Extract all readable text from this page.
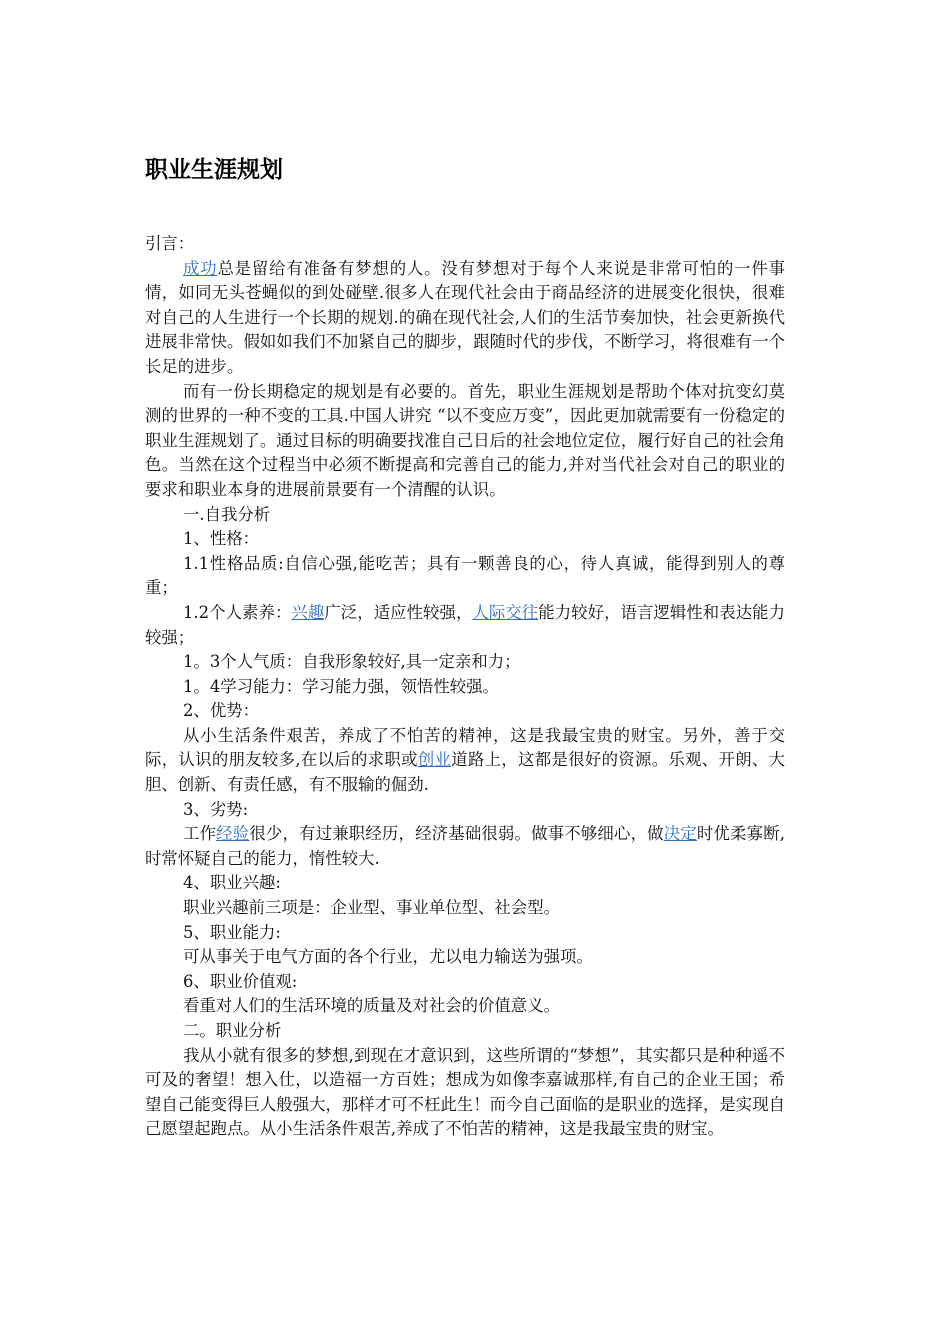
职业生涯规划

引言：

成功总是留给有准备有梦想的人。没有梦想对于每个人来说是非常可怕的一件事情，如同无头苍蝇似的到处碰壁.很多人在现代社会由于商品经济的进展变化很快，很难对自己的人生进行一个长期的规划.的确在现代社会,人们的生活节奏加快，社会更新换代进展非常快。假如如我们不加紧自己的脚步，跟随时代的步伐，不断学习，将很难有一个长足的进步。

而有一份长期稳定的规划是有必要的。首先，职业生涯规划是帮助个体对抗变幻莫测的世界的一种不变的工具.中国人讲究 “以不变应万变”，因此更加就需要有一份稳定的职业生涯规划了。通过目标的明确要找准自己日后的社会地位定位，履行好自己的社会角色。当然在这个过程当中必须不断提高和完善自己的能力,并对当代社会对自己的职业的要求和职业本身的进展前景要有一个清醒的认识。

一.自我分析

1、性格：

1.1性格品质:自信心强,能吃苦；具有一颗善良的心，待人真诚，能得到别人的尊重；

1.2个人素养：兴趣广泛，适应性较强，人际交往能力较好，语言逻辑性和表达能力较强；

1。3个人气质：自我形象较好,具一定亲和力；

1。4学习能力：学习能力强，领悟性较强。

2、优势：

从小生活条件艰苦，养成了不怕苦的精神，这是我最宝贵的财宝。另外，善于交际，认识的朋友较多,在以后的求职或创业道路上，这都是很好的资源。乐观、开朗、大胆、创新、有责任感，有不服输的倔劲.

3、劣势:

工作经验很少，有过兼职经历，经济基础很弱。做事不够细心，做决定时优柔寡断,时常怀疑自己的能力，惰性较大.

4、职业兴趣:

职业兴趣前三项是：企业型、事业单位型、社会型。

5、职业能力:

可从事关于电气方面的各个行业，尤以电力输送为强项。

6、职业价值观:

看重对人们的生活环境的质量及对社会的价值意义。

二。职业分析

我从小就有很多的梦想,到现在才意识到，这些所谓的“梦想”，其实都只是种种遥不可及的奢望！想入仕，以造福一方百姓；想成为如像李嘉诚那样,有自己的企业王国；希望自己能变得巨人般强大，那样才可不枉此生！而今自己面临的是职业的选择，是实现自己愿望起跑点。从小生活条件艰苦,养成了不怕苦的精神，这是我最宝贵的财宝。
